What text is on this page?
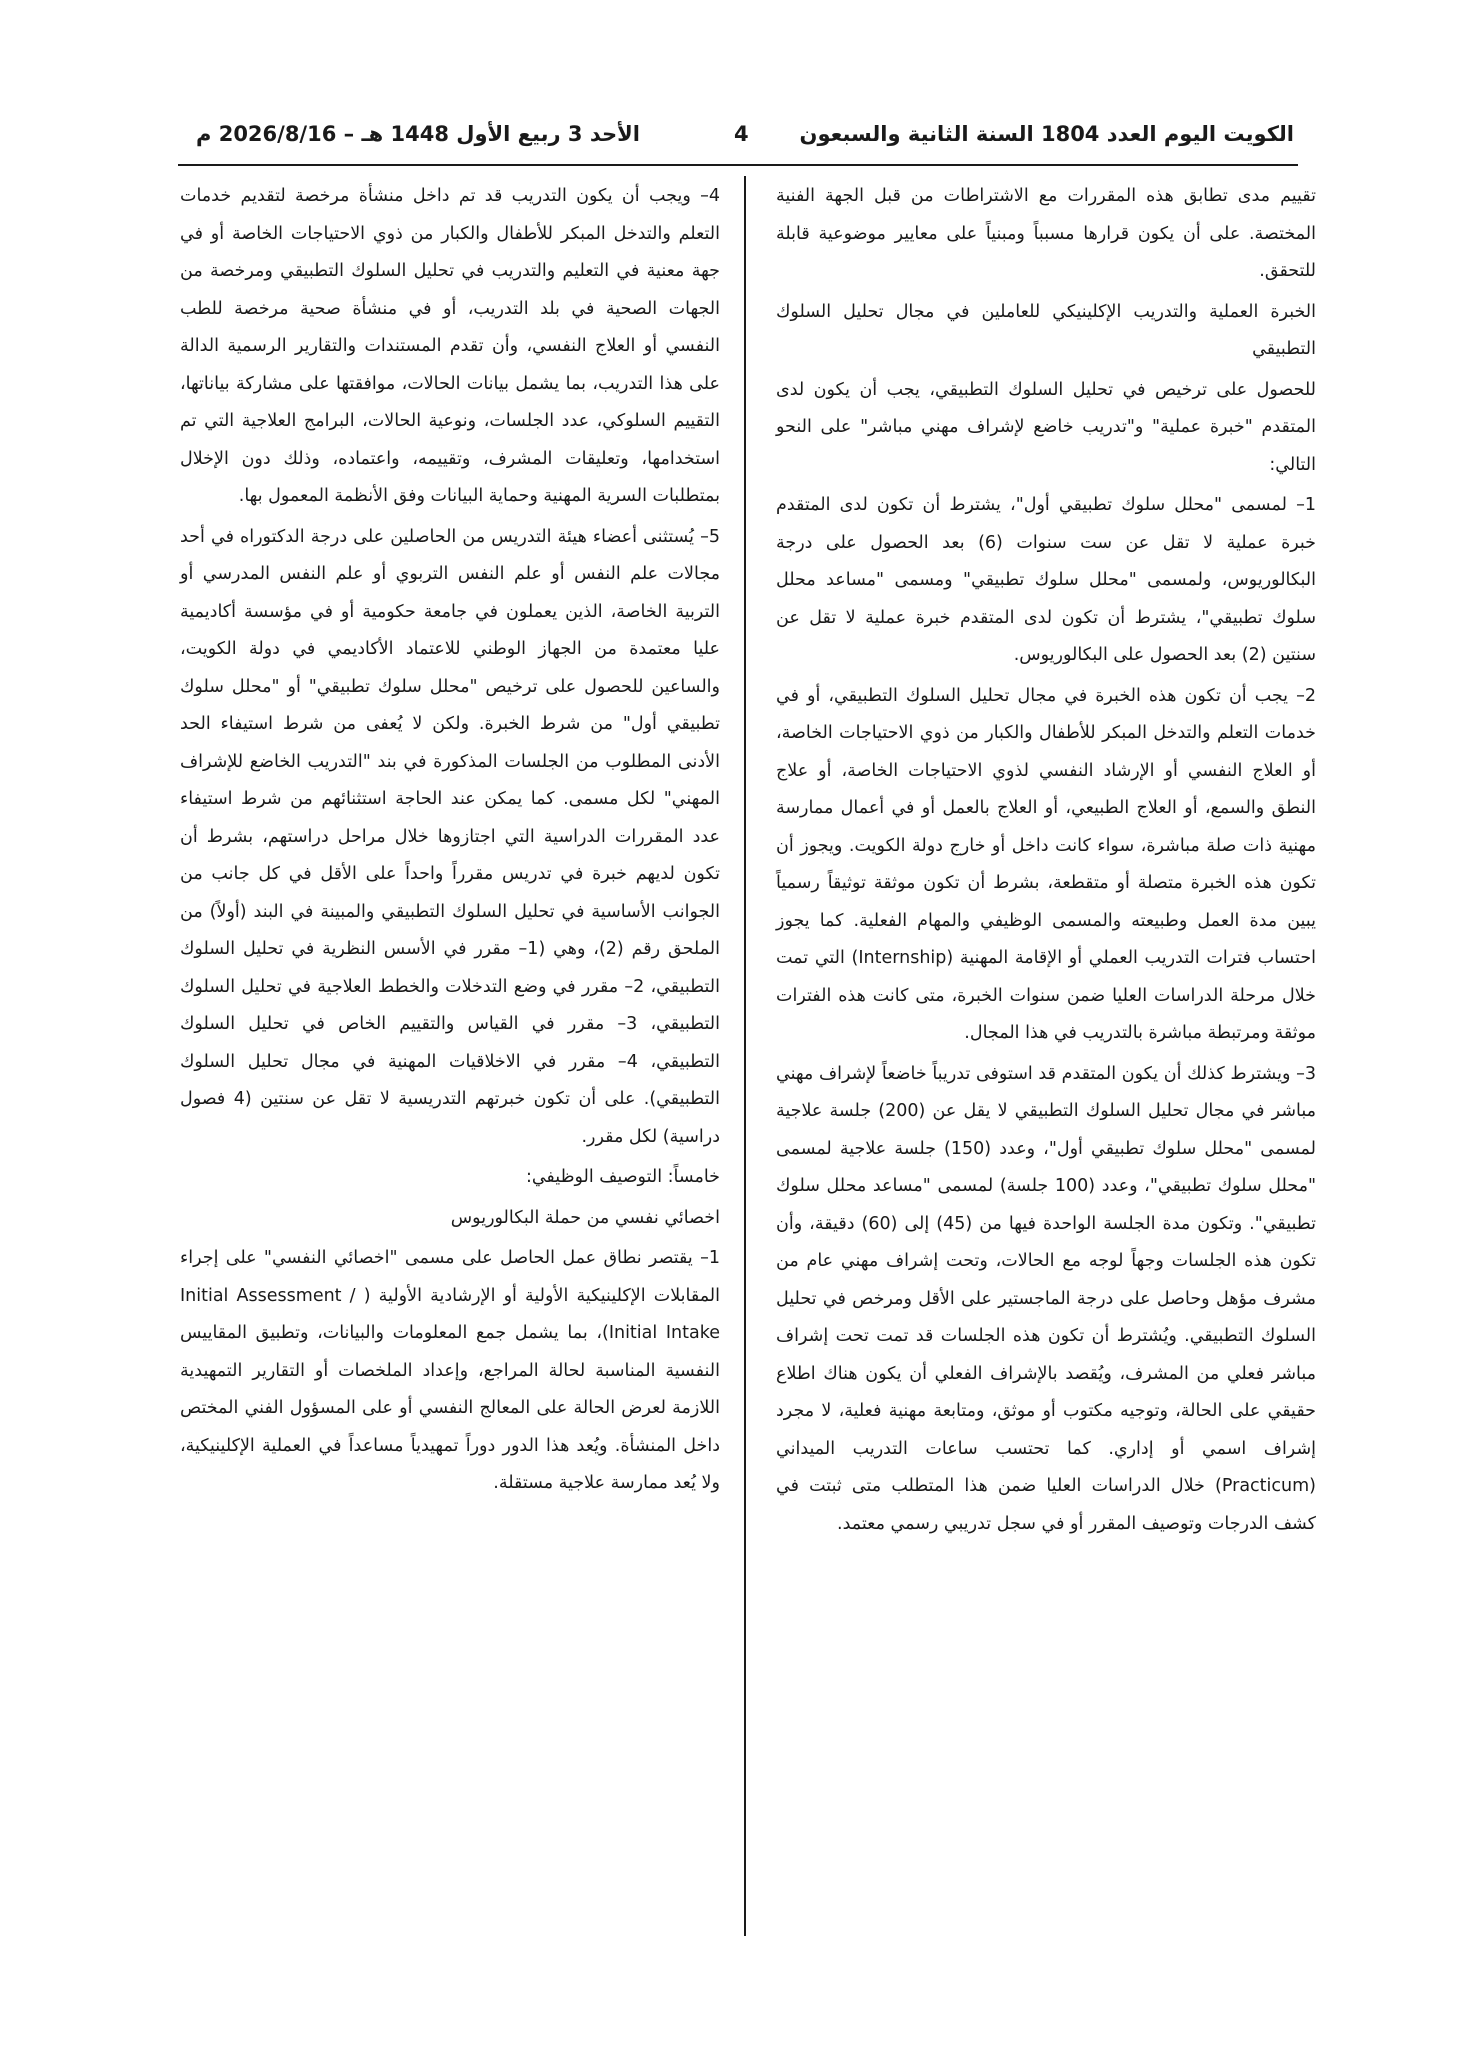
الكويت اليوم العدد 1804 السنة الثانية والسبعون
4
الأحد 3 ربيع الأول 1448 هـ – 2026/8/16 م

تقييم مدى تطابق هذه المقررات مع الاشتراطات من قبل الجهة الفنية المختصة. على أن يكون قرارها مسبباً ومبنياً على معايير موضوعية قابلة للتحقق.

الخبرة العملية والتدريب الإكلينيكي للعاملين في مجال تحليل السلوك التطبيقي

للحصول على ترخيص في تحليل السلوك التطبيقي، يجب أن يكون لدى المتقدم "خبرة عملية" و"تدريب خاضع لإشراف مهني مباشر" على النحو التالي:

1– لمسمى "محلل سلوك تطبيقي أول"، يشترط أن تكون لدى المتقدم خبرة عملية لا تقل عن ست سنوات (6) بعد الحصول على درجة البكالوريوس، ولمسمى "محلل سلوك تطبيقي" ومسمى "مساعد محلل سلوك تطبيقي"، يشترط أن تكون لدى المتقدم خبرة عملية لا تقل عن سنتين (2) بعد الحصول على البكالوريوس.

2– يجب أن تكون هذه الخبرة في مجال تحليل السلوك التطبيقي، أو في خدمات التعلم والتدخل المبكر للأطفال والكبار من ذوي الاحتياجات الخاصة، أو العلاج النفسي أو الإرشاد النفسي لذوي الاحتياجات الخاصة، أو علاج النطق والسمع، أو العلاج الطبيعي، أو العلاج بالعمل أو في أعمال ممارسة مهنية ذات صلة مباشرة، سواء كانت داخل أو خارج دولة الكويت. ويجوز أن تكون هذه الخبرة متصلة أو متقطعة، بشرط أن تكون موثقة توثيقاً رسمياً يبين مدة العمل وطبيعته والمسمى الوظيفي والمهام الفعلية. كما يجوز احتساب فترات التدريب العملي أو الإقامة المهنية (Internship) التي تمت خلال مرحلة الدراسات العليا ضمن سنوات الخبرة، متى كانت هذه الفترات موثقة ومرتبطة مباشرة بالتدريب في هذا المجال.

3– ويشترط كذلك أن يكون المتقدم قد استوفى تدريباً خاضعاً لإشراف مهني مباشر في مجال تحليل السلوك التطبيقي لا يقل عن (200) جلسة علاجية لمسمى "محلل سلوك تطبيقي أول"، وعدد (150) جلسة علاجية لمسمى "محلل سلوك تطبيقي"، وعدد (100 جلسة) لمسمى "مساعد محلل سلوك تطبيقي". وتكون مدة الجلسة الواحدة فيها من (45) إلى (60) دقيقة، وأن تكون هذه الجلسات وجهاً لوجه مع الحالات، وتحت إشراف مهني عام من مشرف مؤهل وحاصل على درجة الماجستير على الأقل ومرخص في تحليل السلوك التطبيقي. ويُشترط أن تكون هذه الجلسات قد تمت تحت إشراف مباشر فعلي من المشرف، ويُقصد بالإشراف الفعلي أن يكون هناك اطلاع حقيقي على الحالة، وتوجيه مكتوب أو موثق، ومتابعة مهنية فعلية، لا مجرد إشراف اسمي أو إداري. كما تحتسب ساعات التدريب الميداني (Practicum) خلال الدراسات العليا ضمن هذا المتطلب متى ثبتت في كشف الدرجات وتوصيف المقرر أو في سجل تدريبي رسمي معتمد.

4– ويجب أن يكون التدريب قد تم داخل منشأة مرخصة لتقديم خدمات التعلم والتدخل المبكر للأطفال والكبار من ذوي الاحتياجات الخاصة أو في جهة معنية في التعليم والتدريب في تحليل السلوك التطبيقي ومرخصة من الجهات الصحية في بلد التدريب، أو في منشأة صحية مرخصة للطب النفسي أو العلاج النفسي، وأن تقدم المستندات والتقارير الرسمية الدالة على هذا التدريب، بما يشمل بيانات الحالات، موافقتها على مشاركة بياناتها، التقييم السلوكي، عدد الجلسات، ونوعية الحالات، البرامج العلاجية التي تم استخدامها، وتعليقات المشرف، وتقييمه، واعتماده، وذلك دون الإخلال بمتطلبات السرية المهنية وحماية البيانات وفق الأنظمة المعمول بها.

5– يُستثنى أعضاء هيئة التدريس من الحاصلين على درجة الدكتوراه في أحد مجالات علم النفس أو علم النفس التربوي أو علم النفس المدرسي أو التربية الخاصة، الذين يعملون في جامعة حكومية أو في مؤسسة أكاديمية عليا معتمدة من الجهاز الوطني للاعتماد الأكاديمي في دولة الكويت، والساعين للحصول على ترخيص "محلل سلوك تطبيقي" أو "محلل سلوك تطبيقي أول" من شرط الخبرة. ولكن لا يُعفى من شرط استيفاء الحد الأدنى المطلوب من الجلسات المذكورة في بند "التدريب الخاضع للإشراف المهني" لكل مسمى. كما يمكن عند الحاجة استثنائهم من شرط استيفاء عدد المقررات الدراسية التي اجتازوها خلال مراحل دراستهم، بشرط أن تكون لديهم خبرة في تدريس مقرراً واحداً على الأقل في كل جانب من الجوانب الأساسية في تحليل السلوك التطبيقي والمبينة في البند (أولاً) من الملحق رقم (2)، وهي (1– مقرر في الأسس النظرية في تحليل السلوك التطبيقي، 2– مقرر في وضع التدخلات والخطط العلاجية في تحليل السلوك التطبيقي، 3– مقرر في القياس والتقييم الخاص في تحليل السلوك التطبيقي، 4– مقرر في الاخلاقيات المهنية في مجال تحليل السلوك التطبيقي). على أن تكون خبرتهم التدريسية لا تقل عن سنتين (4 فصول دراسية) لكل مقرر.

خامساً: التوصيف الوظيفي:

اخصائي نفسي من حملة البكالوريوس

1– يقتصر نطاق عمل الحاصل على مسمى "اخصائي النفسي" على إجراء المقابلات الإكلينيكية الأولية أو الإرشادية الأولية ( Initial Assessment / Initial Intake)، بما يشمل جمع المعلومات والبيانات، وتطبيق المقاييس النفسية المناسبة لحالة المراجع، وإعداد الملخصات أو التقارير التمهيدية اللازمة لعرض الحالة على المعالج النفسي أو على المسؤول الفني المختص داخل المنشأة. ويُعد هذا الدور دوراً تمهيدياً مساعداً في العملية الإكلينيكية، ولا يُعد ممارسة علاجية مستقلة.
